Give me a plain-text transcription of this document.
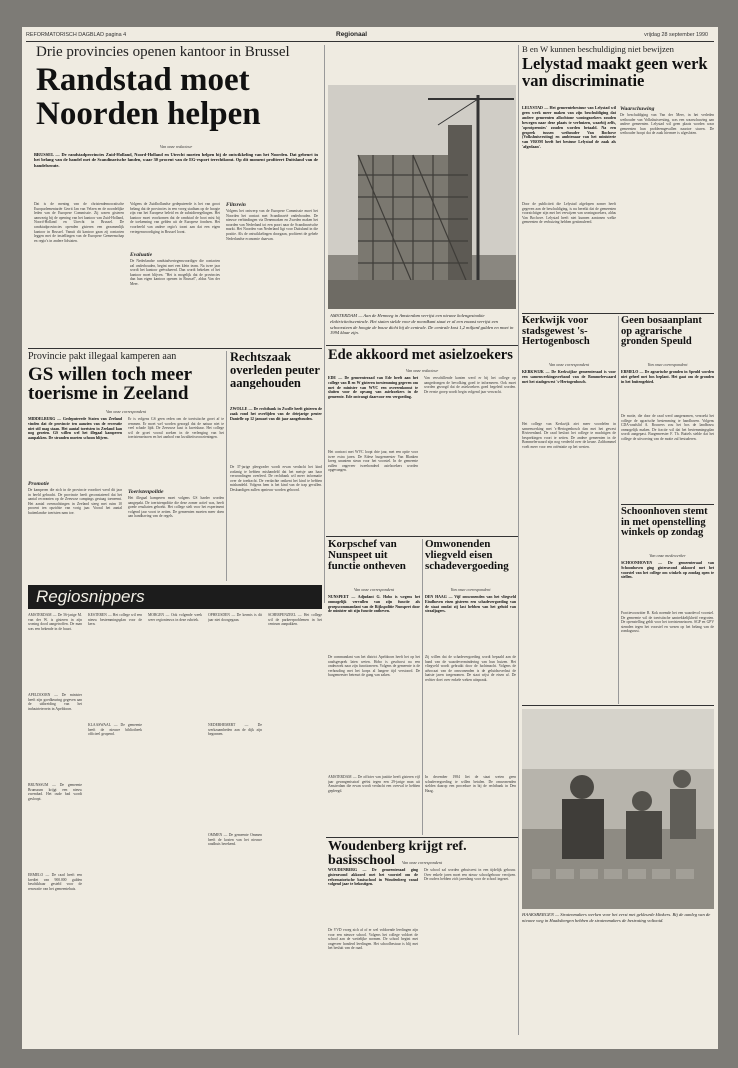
REFORMATORISCH DAGBLAD pagina 4	Regionaal	vrijdag 28 september 1990
Drie provincies openen kantoor in Brussel
Randstad moet Noorden helpen
Van onze redacteur
BRUSSEL — De randstadprovincies Zuid-Holland, Noord-Holland en Utrecht moeten helpen bij de ontwikkeling van het Noorden. Dat gebeurt in het belang van de handel met de Scandinavische landen, waar 30 procent van de EG-export terechtkomt. Op dit moment profiteert Duitsland van de handelsroute.
Dat is de mening van de christendemocratische Europarlementariër Gerrit Jan van Velzen en de noordelijke leden van de Europese Commissie. Zij waren gisteren aanwezig bij de opening van het kantoor van Zuid-Holland, Noord-Holland en Utrecht in Brussel. De randstadprovincies openden gisteren een gezamenlijk kantoor in Brussel. Vanuit dit kantoor gaan zij contacten leggen met de instellingen van de Europese Gemeenschap en regio's in andere lidstaten.
Volgens de Zuidhollandse gedeputeerde is het van groot belang dat de provincies in een vroeg stadium op de hoogte zijn van het Europese beleid en de subsidieregelingen. Het kantoor moet voorkomen dat de randstad de boot mist bij de toekenning van gelden uit de Europese fondsen. Het voorbeeld van andere regio's toont aan dat een eigen vertegenwoordiging in Brussel loont.
Evaluatie
De Nederlandse randstadvertegenwoordiger die contacten zal onderhouden, begint met een klein team. Na twee jaar wordt het kantoor geëvalueerd. Dan wordt bekeken of het kantoor moet blijven. "Het is mogelijk dat de provincies dan hun eigen kantoor openen in Brussel", aldus Van der Meer.
Flitsrein
Volgens het ontwerp van de Europese Commissie moet het Noorden het contact met Scandinavië onderhouden. De nieuwe verbindingen via Denemarken en Zweden maken het noorden van Nederland tot een poort naar de Scandinavische markt. Het Noorden van Nederland ligt voor Duitsland in die positie. Als de ontwikkelingen doorgaan, profiteert de gehele Nederlandse economie daarvan.
AMSTERDAM — Aan de Hemweg in Amsterdam verrijst een nieuwe kolengestookte elektriciteitscentrale. Het staten stelde voor de noordkant staat er al een enaast verrijst een schoorsteen de hoogte de bouw dicht bij de centrale. De centrale kost 1,2 miljard gulden en moet in 1994 klaar zijn.
B en W kunnen beschuldiging niet bewijzen
Lelystad maakt geen werk van discriminatie
LELYSTAD — Het gemeentebestuur van Lelystad wil geen werk meer maken van zijn beschuldiging dat andere gemeenten allochtone woningzoekers zouden bewegen naar deze plaats te verhuizen, waarbij zelfs, 'oprotpremies' zouden worden betaald. Na een gesprek tussen wethouder Van Bochove (Volkshuisvesting) en ambtenaar van het ministerie van VROM heeft het bestuur Lelystad de zaak als 'afgedaan'.
Door de publiciteit die Lelystad afgelopen zomer heeft gegeven aan de beschuldiging, is nu bereikt dat de gemeenten voorzichtiger zijn met het verwijzen van woningzoekers, aldus Van Bochove. Lelystad heeft niet kunnen aantonen welke gemeenten de verhuizing hebben gestimuleerd.
Waarschuwing
De beschuldiging van Van der Meer, in het verleden wethouder van Volkshuisvesting, was een waarschuwing aan andere gemeenten. Lelystad wil geen plaats worden waar gemeenten hun probleemgevallen naartoe sturen. De wethouder hoopt dat de zaak hiermee is afgesloten.
Kerkwijk voor stadsgewest 's-Hertogenbosch
Van onze correspondent
KERKWIJK — De Kerkwijkse gemeenteraad is voor een samenwerkingsverband van de Bommelerwaard met het stadsgewest 's-Hertogenbosch.
Het college van Kerkwijk ziet meer voordelen in samenwerking met 's-Hertogenbosch dan met het gewest Rivierenland. De raad besloot het college te machtigen de besprekingen voort te zetten. De andere gemeenten in de Bommelerwaard zijn nog verdeeld over de keuze. Zaltbommel voelt meer voor een oriëntatie op het westen.
Geen bosaanplant op agrarische gronden Speuld
Van onze correspondent
ERMELO — De agrarische gronden in Speuld worden niet geheel met bos beplant. Het gaat om de gronden in het buitengebied.
De motie, die door de raad werd aangenomen, verzoekt het college de agrarische bestemming te handhaven. Volgens CDA-raadslid A. Bouwers zou het bos de landbouw onmogelijk maken. De fractie wil dat het bestemmingsplan wordt aangepast. Burgemeester F. Th. Buttels stelde dat het college de uitvoering van de motie zal bestuderen.
Schoonhoven stemt in met openstelling winkels op zondag
Van onze medewerker
SCHOONHOVEN — De gemeenteraad van Schoonhoven ging gisteravond akkoord met het voorstel van het college om winkels op zondag open te stellen.
Fractievoorzitter B. Kok noemde het een waardevol voorstel. De gemeente wil de toeristische aantrekkelijkheid vergroten. De openstelling geldt voor het toeristenseizoen. SGP en GPV stemden tegen het voorstel en wezen op het belang van de zondagsrust.
HAAKSBERGEN — Stratenmakers werken voor het eerst met gekleurde klinkers. Bij de aanleg van de nieuwe weg in Haaksbergen hebben de stratenmakers de bestrating voltooid.
Ede akkoord met asielzoekers
Van onze redacteur
EDE — De gemeenteraad van Ede heeft aan het college van B en W gisteren toestemming gegeven om met de minister van WVC een overeenkomst te sluiten voor de opvang van asielzoekers in de gemeente. Ede ontvangt daarvoor een vergoeding.
Het contract met WVC loopt drie jaar, met een optie voor twee extra jaren. De Edese burgemeester Van Blanken kreeg unaniem steun voor het voorstel. In de gemeente zullen ongeveer tweehonderd asielzoekers worden opgevangen.
Van verschillende kanten werd er bij het college op aangedrongen de bevolking goed te informeren. Ook moet worden gezorgd dat de asielzoekers goed begeleid worden. De eerste groep wordt begin volgend jaar verwacht.
Korpschef van Nunspeet uit functie ontheven
Van onze correspondent
NUNSPEET — Adjudant G. Hobo is wegens het onmogelijk vervullen van zijn functie als groepscommandant van de Rijkspolitie Nunspeet door de minister uit zijn functie ontheven.
De commandant van het district Apeldoorn heeft het op het raadsgesprek laten weten. Hobo is geschorst na een onderzoek naar zijn functioneren. Volgens de gemeente is de verhouding met het korps al langere tijd verstoord. De burgemeester betreurt de gang van zaken.
AMSTERDAM — De officier van justitie heeft gisteren vijf jaar gevangenisstraf geëist tegen een 29-jarige man uit Amsterdam die ervan wordt verdacht een overval te hebben gepleegd.
Omwonenden vliegveld eisen schadevergoeding
Van onze correspondent
DEN HAAG — Vijf omwonenden van het vliegveld Eindhoven eisen gisteren een schadevergoeding van de staat omdat zij last hebben van het geluid van straaljagers.
Zij willen dat de schadevergoeding wordt bepaald aan de hand van de waardevermindering van hun huizen. Het vliegveld wordt gebruikt door de luchtmacht. Volgens de advocaat van de omwonenden is de geluidsoverlast de laatste jaren toegenomen. De staat wijst de eisen af. De rechter doet over enkele weken uitspraak.
In december 1984 liet de staat weten geen schadevergoeding te willen betalen. De omwonenden stelden daarop een procedure in bij de rechtbank in Den Haag.
Woudenberg krijgt ref. basisschool	Van onze correspondent
WOUDENBERG — De gemeenteraad ging gisteravond akkoord met het voorstel om de reformatorische basisschool in Woudenberg vanaf volgend jaar te bekostigen.
De VVD vroeg zich af of er wel voldoende leerlingen zijn voor een nieuwe school. Volgens het college voldoet de school aan de wettelijke normen. De school begint met ongeveer honderd leerlingen. Het schoolbestuur is blij met het besluit van de raad.
De school zal worden gehuisvest in een tijdelijk gebouw. Over enkele jaren moet een nieuw schoolgebouw verrijzen. De ouders hebben zich jarenlang voor de school ingezet.
Provincie pakt illegaal kamperen aan
GS willen toch meer toerisme in Zeeland
Van onze correspondent
MIDDELBURG — Gedeputeerde Staten van Zeeland vinden dat de provincie ten aanzien van de recreatie niet stil mag staan. Het aantal toeristen in Zeeland kan nog groeien. GS willen wel het illegaal kamperen aanpakken. De stranden moeten schoon blijven.
Promotie
De kamperen die zich in de provincie voordoet werd dit jaar in beeld gebracht. De provincie heeft geconstateerd dat het aantal recreanten op de Zeeuwse campings gestaag toeneemt. Het aantal overnachtingen in Zeeland steeg met ruim 10 procent ten opzichte van vorig jaar. Vooral het aantal buitenlandse toeristen nam toe.
Er is volgens GS geen reden om de toeristische groei af te remmen. Er moet wel worden gezorgd dat de natuur niet te veel schade lijdt. De Zeeuwse kust is kwetsbaar. Het college wil de groei vooral zoeken in de verlenging van het toeristenseizoen en het aanbod van kwaliteitsvoorzieningen.
Toeristenpolitie
Het illegaal kamperen moet volgens GS harder worden aangepakt. De toeristenpolitie die deze zomer actief was, heeft goede resultaten geboekt. Het college stelt voor het experiment volgend jaar voort te zetten. De gemeenten moeten meer doen aan handhaving van de regels.
Rechtszaak overleden peuter aangehouden
ZWOLLE — De rechtbank in Zwolle heeft gisteren de zaak rond het overlijden van de driejarige peuter Danielle op 12 januari van dit jaar aangehouden.
De 37-jarige pleegvader wordt ervan verdacht het kind zodanig te hebben mishandeld dat het meisje aan haar verwondingen overleed. De rechtbank wil meer informatie over de toedracht. De verdachte ontkent het kind te hebben mishandeld. Volgens hem is het kind van de trap gevallen. Deskundigen zullen opnieuw worden gehoord.
Regiosnippers
AMSTERDAM — De 56-jarige M. van der W. is gisteren in zijn woning dood aangetroffen. De man was een bekende in de buurt.
APELDOORN — De minister heeft zijn goedkeuring gegeven aan de uitbreiding van het industrieterrein in Apeldoorn.
BRUNSSUM — De gemeente Brunssum krijgt een nieuw zwembad. Het oude bad wordt gesloopt.
ERMELO — De raad heeft een krediet van 900.000 gulden beschikbaar gesteld voor de renovatie van het gemeentehuis.
KESTEREN — Het college wil een nieuw bestemmingsplan voor de kern.
KLAASWAAL — De gemeente heeft de nieuwe bibliotheek officieel geopend.
MORGEN — Ook volgende week weer regionieuws in deze rubriek.
OPHEUSDEN — De kermis is dit jaar niet doorgegaan.
NEDERHEMERT — De werkzaamheden aan de dijk zijn begonnen.
OMMEN — De gemeente Ommen heeft de kosten van het nieuwe raadhuis berekend.
SCHERPENZEEL — Het college wil de parkeerproblemen in het centrum aanpakken.
